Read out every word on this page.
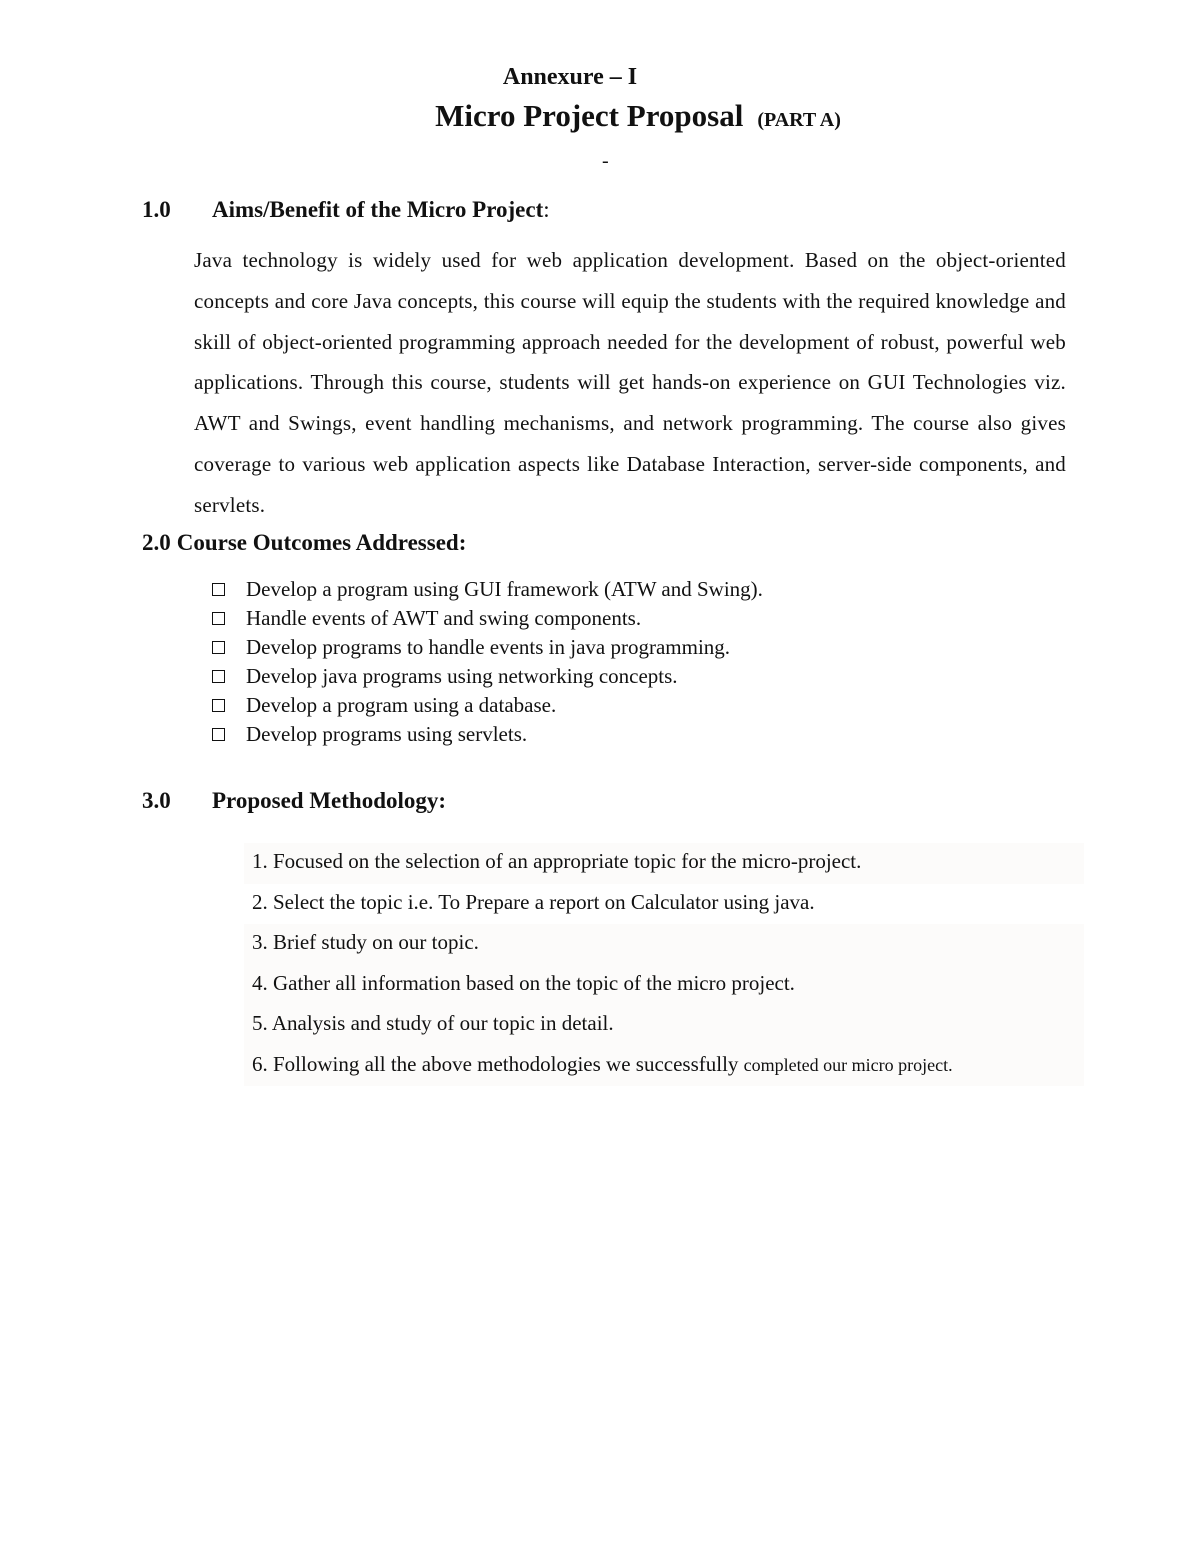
Annexure – I
Micro Project Proposal (PART A)
-
1.0 Aims/Benefit of the Micro Project:
Java technology is widely used for web application development. Based on the object-oriented concepts and core Java concepts, this course will equip the students with the required knowledge and skill of object-oriented programming approach needed for the development of robust, powerful web applications. Through this course, students will get hands-on experience on GUI Technologies viz. AWT and Swings, event handling mechanisms, and network programming. The course also gives coverage to various web application aspects like Database Interaction, server-side components, and servlets.
2.0 Course Outcomes Addressed:
Develop a program using GUI framework (ATW and Swing).
Handle events of AWT and swing components.
Develop programs to handle events in java programming.
Develop java programs using networking concepts.
Develop a program using a database.
Develop programs using servlets.
3.0 Proposed Methodology:
1. Focused on the selection of an appropriate topic for the micro-project.
2. Select the topic i.e. To Prepare a report on Calculator using java.
3. Brief study on our topic.
4. Gather all information based on the topic of the micro project.
5. Analysis and study of our topic in detail.
6. Following all the above methodologies we successfully completed our micro project.
